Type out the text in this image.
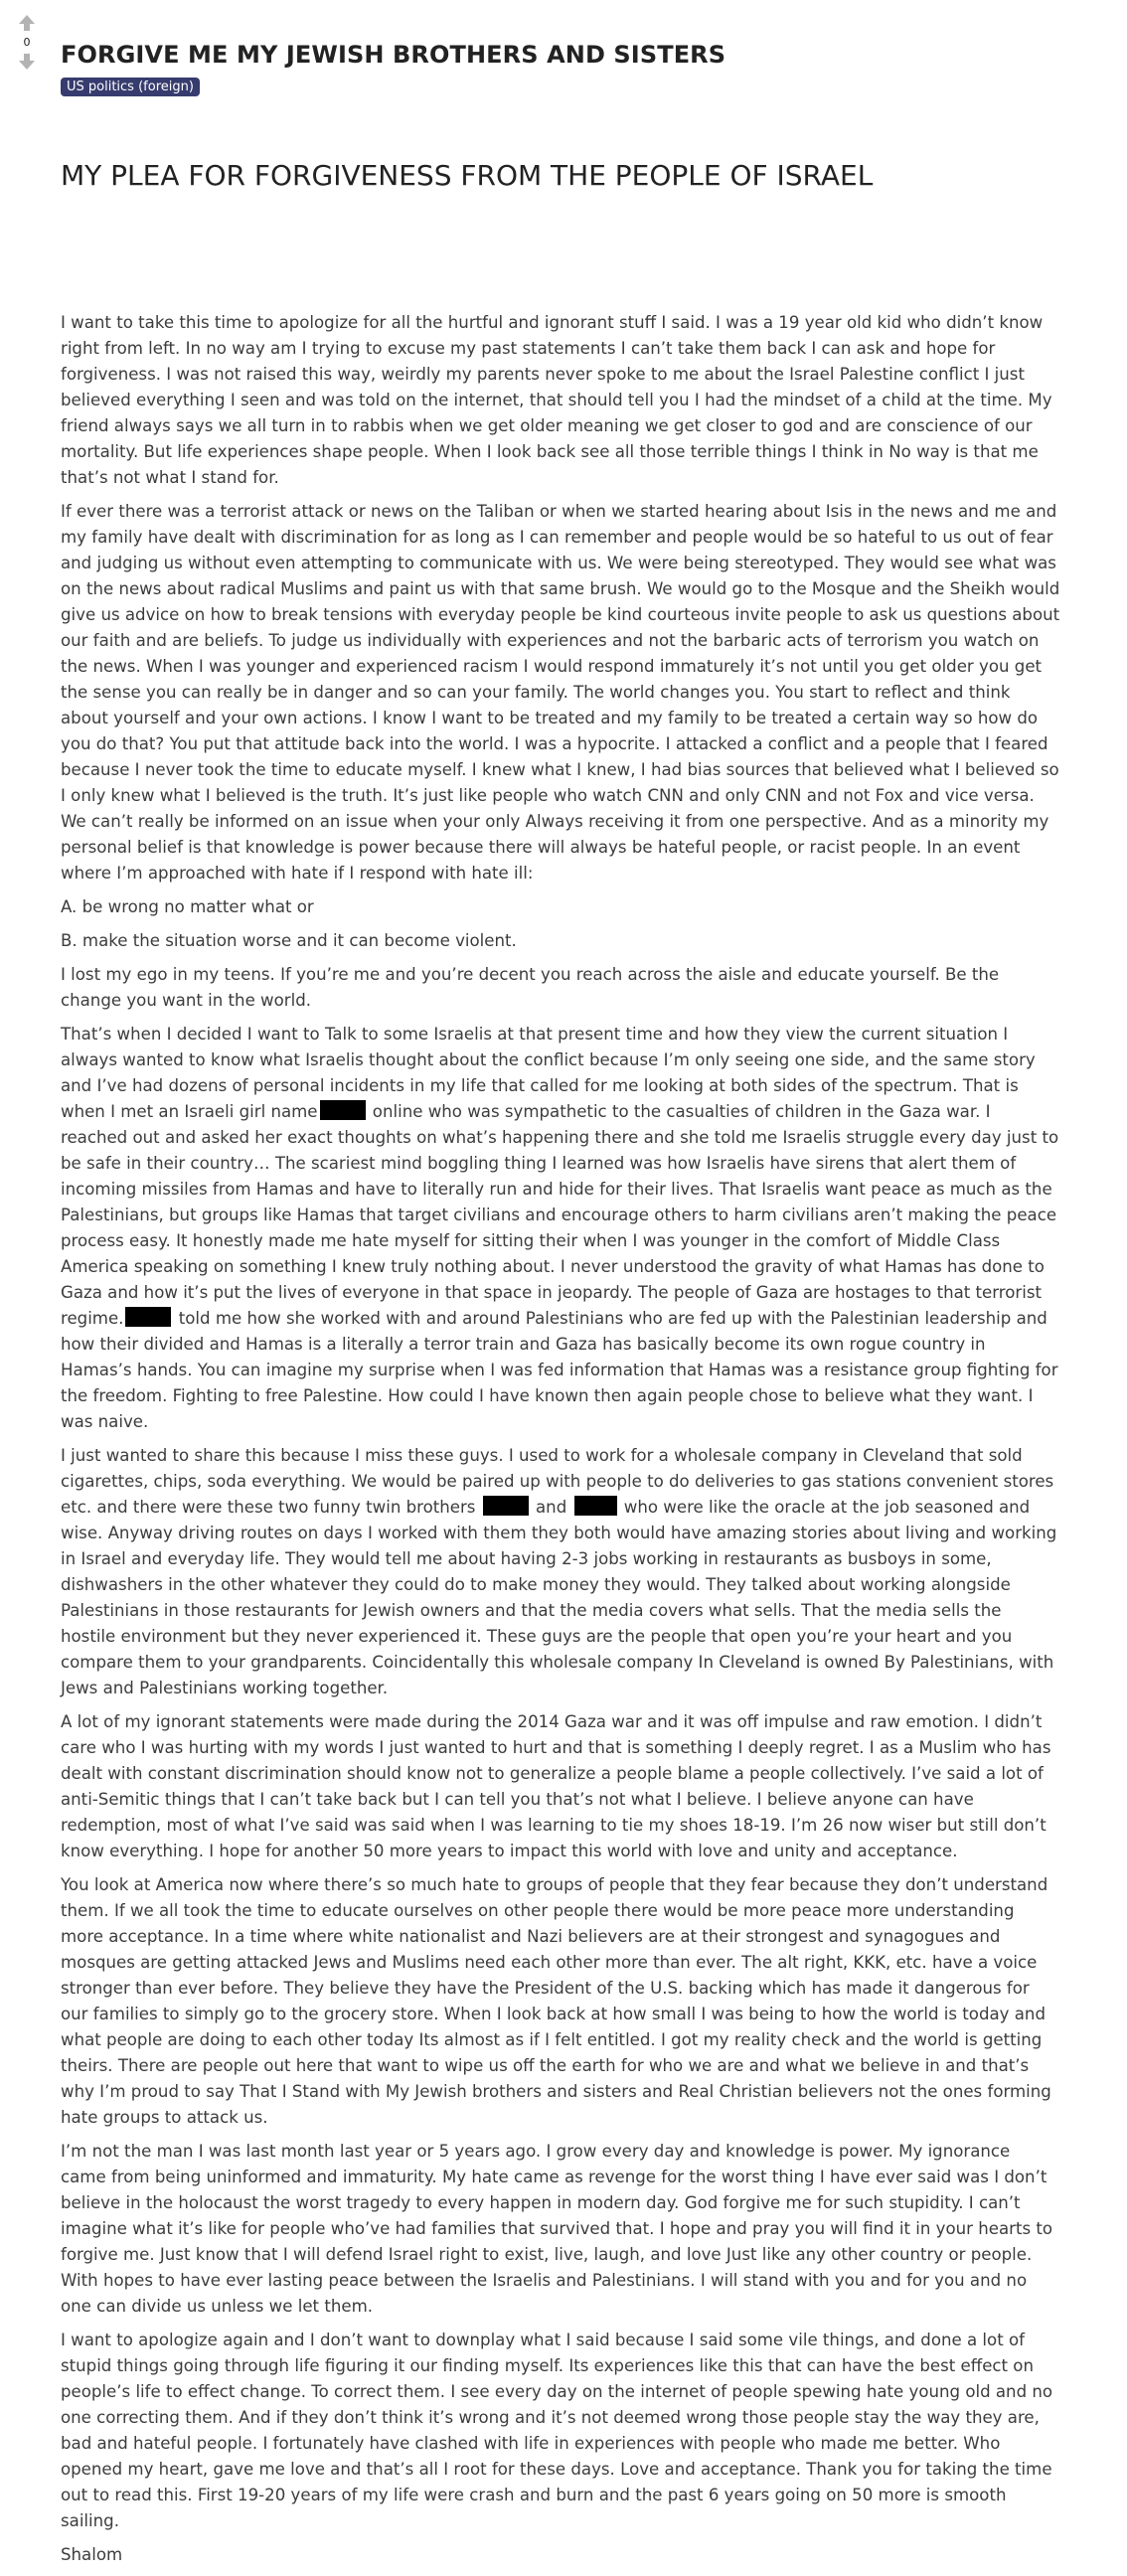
0 FORGIVE ME MY JEWISH BROTHERS AND SISTERS
US politics (foreign)
MY PLEA FOR FORGIVENESS FROM THE PEOPLE OF ISRAEL

I want to take this time to apologize for all the hurtful and ignorant stuff I said. I was a 19 year old kid who didn’t know right from left. In no way am I trying to excuse my past statements I can’t take them back I can ask and hope for forgiveness. I was not raised this way, weirdly my parents never spoke to me about the Israel Palestine conflict I just believed everything I seen and was told on the internet, that should tell you I had the mindset of a child at the time. My friend always says we all turn in to rabbis when we get older meaning we get closer to god and are conscience of our mortality. But life experiences shape people. When I look back see all those terrible things I think in No way is that me that’s not what I stand for.

If ever there was a terrorist attack or news on the Taliban or when we started hearing about Isis in the news and me and my family have dealt with discrimination for as long as I can remember and people would be so hateful to us out of fear and judging us without even attempting to communicate with us. We were being stereotyped. They would see what was on the news about radical Muslims and paint us with that same brush. We would go to the Mosque and the Sheikh would give us advice on how to break tensions with everyday people be kind courteous invite people to ask us questions about our faith and are beliefs. To judge us individually with experiences and not the barbaric acts of terrorism you watch on the news. When I was younger and experienced racism I would respond immaturely it’s not until you get older you get the sense you can really be in danger and so can your family. The world changes you. You start to reflect and think about yourself and your own actions. I know I want to be treated and my family to be treated a certain way so how do you do that? You put that attitude back into the world. I was a hypocrite. I attacked a conflict and a people that I feared because I never took the time to educate myself. I knew what I knew, I had bias sources that believed what I believed so I only knew what I believed is the truth. It’s just like people who watch CNN and only CNN and not Fox and vice versa. We can’t really be informed on an issue when your only Always receiving it from one perspective. And as a minority my personal belief is that knowledge is power because there will always be hateful people, or racist people. In an event where I’m approached with hate if I respond with hate ill:

A. be wrong no matter what or

B. make the situation worse and it can become violent.

I lost my ego in my teens. If you’re me and you’re decent you reach across the aisle and educate yourself. Be the change you want in the world.

That’s when I decided I want to Talk to some Israelis at that present time and how they view the current situation I always wanted to know what Israelis thought about the conflict because I’m only seeing one side, and the same story and I’ve had dozens of personal incidents in my life that called for me looking at both sides of the spectrum. That is when I met an Israeli girl name	online who was sympathetic to the casualties of children in the Gaza war. I reached out and asked her exact thoughts on what’s happening there and she told me Israelis struggle every day just to be safe in their country… The scariest mind boggling thing I learned was how Israelis have sirens that alert them of incoming missiles from Hamas and have to literally run and hide for their lives. That Israelis want peace as much as the Palestinians, but groups like Hamas that target civilians and encourage others to harm civilians aren’t making the peace process easy. It honestly made me hate myself for sitting their when I was younger in the comfort of Middle Class America speaking on something I knew truly nothing about. I never understood the gravity of what Hamas has done to Gaza and how it’s put the lives of everyone in that space in jeopardy. The people of Gaza are hostages to that terrorist regime.	told me how she worked with and around Palestinians who are fed up with the Palestinian leadership and how their divided and Hamas is a literally a terror train and Gaza has basically become its own rogue country in Hamas’s hands. You can imagine my surprise when I was fed information that Hamas was a resistance group fighting for the freedom. Fighting to free Palestine. How could I have known then again people chose to believe what they want. I was naive.

I just wanted to share this because I miss these guys. I used to work for a wholesale company in Cleveland that sold cigarettes, chips, soda everything. We would be paired up with people to do deliveries to gas stations convenient stores etc. and there were these two funny twin brothers	and	who were like the oracle at the job seasoned and wise. Anyway driving routes on days I worked with them they both would have amazing stories about living and working in Israel and everyday life. They would tell me about having 2-3 jobs working in restaurants as busboys in some, dishwashers in the other whatever they could do to make money they would. They talked about working alongside Palestinians in those restaurants for Jewish owners and that the media covers what sells. That the media sells the hostile environment but they never experienced it. These guys are the people that open you’re your heart and you compare them to your grandparents. Coincidentally this wholesale company In Cleveland is owned By Palestinians, with Jews and Palestinians working together.

A lot of my ignorant statements were made during the 2014 Gaza war and it was off impulse and raw emotion. I didn’t care who I was hurting with my words I just wanted to hurt and that is something I deeply regret. I as a Muslim who has dealt with constant discrimination should know not to generalize a people blame a people collectively. I’ve said a lot of anti-Semitic things that I can’t take back but I can tell you that’s not what I believe. I believe anyone can have redemption, most of what I’ve said was said when I was learning to tie my shoes 18-19. I’m 26 now wiser but still don’t know everything. I hope for another 50 more years to impact this world with love and unity and acceptance.

You look at America now where there’s so much hate to groups of people that they fear because they don’t understand them. If we all took the time to educate ourselves on other people there would be more peace more understanding more acceptance. In a time where white nationalist and Nazi believers are at their strongest and synagogues and mosques are getting attacked Jews and Muslims need each other more than ever. The alt right, KKK, etc. have a voice stronger than ever before. They believe they have the President of the U.S. backing which has made it dangerous for our families to simply go to the grocery store. When I look back at how small I was being to how the world is today and what people are doing to each other today Its almost as if I felt entitled. I got my reality check and the world is getting theirs. There are people out here that want to wipe us off the earth for who we are and what we believe in and that’s why I’m proud to say That I Stand with My Jewish brothers and sisters and Real Christian believers not the ones forming hate groups to attack us.

I’m not the man I was last month last year or 5 years ago. I grow every day and knowledge is power. My ignorance came from being uninformed and immaturity. My hate came as revenge for the worst thing I have ever said was I don’t believe in the holocaust the worst tragedy to every happen in modern day. God forgive me for such stupidity. I can’t imagine what it’s like for people who’ve had families that survived that. I hope and pray you will find it in your hearts to forgive me. Just know that I will defend Israel right to exist, live, laugh, and love Just like any other country or people. With hopes to have ever lasting peace between the Israelis and Palestinians. I will stand with you and for you and no one can divide us unless we let them.

I want to apologize again and I don’t want to downplay what I said because I said some vile things, and done a lot of stupid things going through life figuring it our finding myself. Its experiences like this that can have the best effect on people’s life to effect change. To correct them. I see every day on the internet of people spewing hate young old and no one correcting them. And if they don’t think it’s wrong and it’s not deemed wrong those people stay the way they are, bad and hateful people. I fortunately have clashed with life in experiences with people who made me better. Who opened my heart, gave me love and that’s all I root for these days. Love and acceptance. Thank you for taking the time out to read this. First 19-20 years of my life were crash and burn and the past 6 years going on 50 more is smooth sailing.

Shalom
